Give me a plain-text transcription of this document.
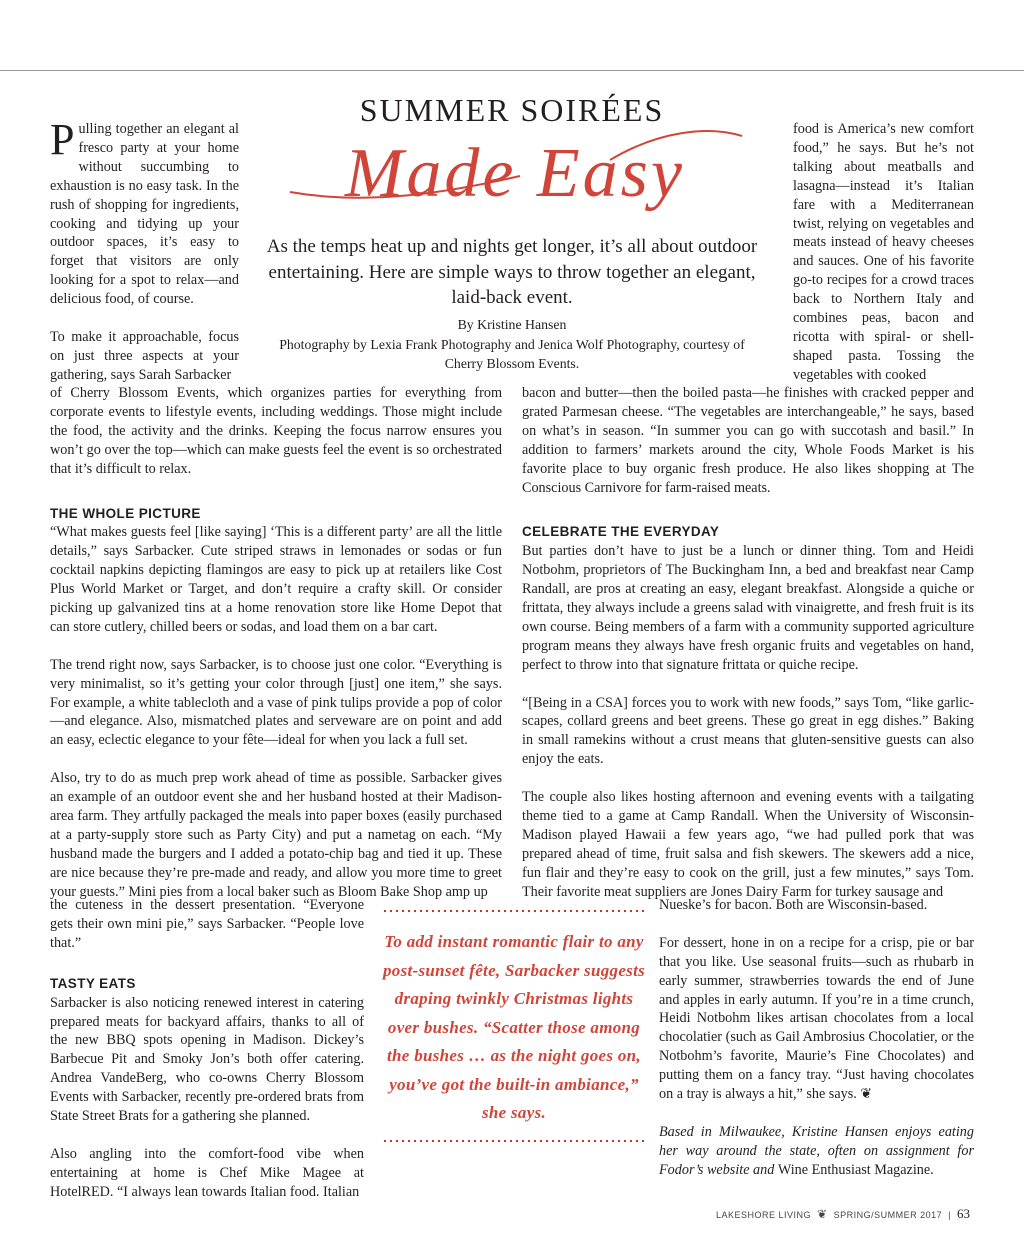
SUMMER SOIRÉES
Made Easy
As the temps heat up and nights get longer, it’s all about outdoor entertaining. Here are simple ways to throw together an elegant, laid-back event.
By Kristine Hansen
Photography by Lexia Frank Photography and Jenica Wolf Photography, courtesy of Cherry Blossom Events.

Pulling together an elegant al fresco party at your home without succumbing to exhaustion is no easy task. In the rush of shopping for ingredients, cooking and tidying up your outdoor spaces, it’s easy to forget that visitors are only looking for a spot to relax—and delicious food, of course.

To make it approachable, focus on just three aspects at your gathering, says Sarah Sarbacker

of Cherry Blossom Events, which organizes parties for everything from corporate events to lifestyle events, including weddings. Those might include the food, the activity and the drinks. Keeping the focus narrow ensures you won’t go over the top—which can make guests feel the event is so orchestrated that it’s difficult to relax.

THE WHOLE PICTURE

“What makes guests feel [like saying] ‘This is a different party’ are all the little details,” says Sarbacker. Cute striped straws in lemonades or sodas or fun cocktail napkins depicting flamingos are easy to pick up at retailers like Cost Plus World Market or Target, and don’t require a crafty skill. Or consider picking up galvanized tins at a home renovation store like Home Depot that can store cutlery, chilled beers or sodas, and load them on a bar cart.

The trend right now, says Sarbacker, is to choose just one color. “Everything is very minimalist, so it’s getting your color through [just] one item,” she says. For example, a white tablecloth and a vase of pink tulips provide a pop of color—and elegance. Also, mismatched plates and serveware are on point and add an easy, eclectic elegance to your fête—ideal for when you lack a full set.

Also, try to do as much prep work ahead of time as possible. Sarbacker gives an example of an outdoor event she and her husband hosted at their Madison-area farm. They artfully packaged the meals into paper boxes (easily purchased at a party-supply store such as Party City) and put a nametag on each. “My husband made the burgers and I added a potato-chip bag and tied it up. These are nice because they’re pre-made and ready, and allow you more time to greet your guests.” Mini pies from a local baker such as Bloom Bake Shop amp up

the cuteness in the dessert presentation. “Everyone gets their own mini pie,” says Sarbacker. “People love that.”

TASTY EATS

Sarbacker is also noticing renewed interest in catering prepared meats for backyard affairs, thanks to all of the new BBQ spots opening in Madison. Dickey’s Barbecue Pit and Smoky Jon’s both offer catering. Andrea VandeBerg, who co-owns Cherry Blossom Events with Sarbacker, recently pre-ordered brats from State Street Brats for a gathering she planned.

Also angling into the comfort-food vibe when entertaining at home is Chef Mike Magee at HotelRED. “I always lean towards Italian food. Italian

food is America’s new comfort food,” he says. But he’s not talking about meatballs and lasagna—instead it’s Italian fare with a Mediterranean twist, relying on vegetables and meats instead of heavy cheeses and sauces. One of his favorite go-to recipes for a crowd traces back to Northern Italy and combines peas, bacon and ricotta with spiral- or shell-shaped pasta. Tossing the vegetables with cooked

bacon and butter—then the boiled pasta—he finishes with cracked pepper and grated Parmesan cheese. “The vegetables are interchangeable,” he says, based on what’s in season. “In summer you can go with succotash and basil.” In addition to farmers’ markets around the city, Whole Foods Market is his favorite place to buy organic fresh produce. He also likes shopping at The Conscious Carnivore for farm-raised meats.

CELEBRATE THE EVERYDAY

But parties don’t have to just be a lunch or dinner thing. Tom and Heidi Notbohm, proprietors of The Buckingham Inn, a bed and breakfast near Camp Randall, are pros at creating an easy, elegant breakfast. Alongside a quiche or frittata, they always include a greens salad with vinaigrette, and fresh fruit is its own course. Being members of a farm with a community supported agriculture program means they always have fresh organic fruits and vegetables on hand, perfect to throw into that signature frittata or quiche recipe.

“[Being in a CSA] forces you to work with new foods,” says Tom, “like garlic-scapes, collard greens and beet greens. These go great in egg dishes.” Baking in small ramekins without a crust means that gluten-sensitive guests can also enjoy the eats.

The couple also likes hosting afternoon and evening events with a tailgating theme tied to a game at Camp Randall. When the University of Wisconsin-Madison played Hawaii a few years ago, “we had pulled pork that was prepared ahead of time, fruit salsa and fish skewers. The skewers add a nice, fun flair and they’re easy to cook on the grill, just a few minutes,” says Tom. Their favorite meat suppliers are Jones Dairy Farm for turkey sausage and

Nueske’s for bacon. Both are Wisconsin-based.

For dessert, hone in on a recipe for a crisp, pie or bar that you like. Use seasonal fruits—such as rhubarb in early summer, strawberries towards the end of June and apples in early autumn. If you’re in a time crunch, Heidi Notbohm likes artisan chocolates from a local chocolatier (such as Gail Ambrosius Chocolatier, or the Notbohm’s favorite, Maurie’s Fine Chocolates) and putting them on a fancy tray. “Just having chocolates on a tray is always a hit,” she says. ❦

Based in Milwaukee, Kristine Hansen enjoys eating her way around the state, often on assignment for Fodor’s website and Wine Enthusiast Magazine.

To add instant romantic flair to any post-sunset fête, Sarbacker suggests draping twinkly Christmas lights over bushes. “Scatter those among the bushes … as the night goes on, you’ve got the built-in ambiance,” she says.
LAKESHORE LIVING ❦ SPRING/SUMMER 2017 | 63
